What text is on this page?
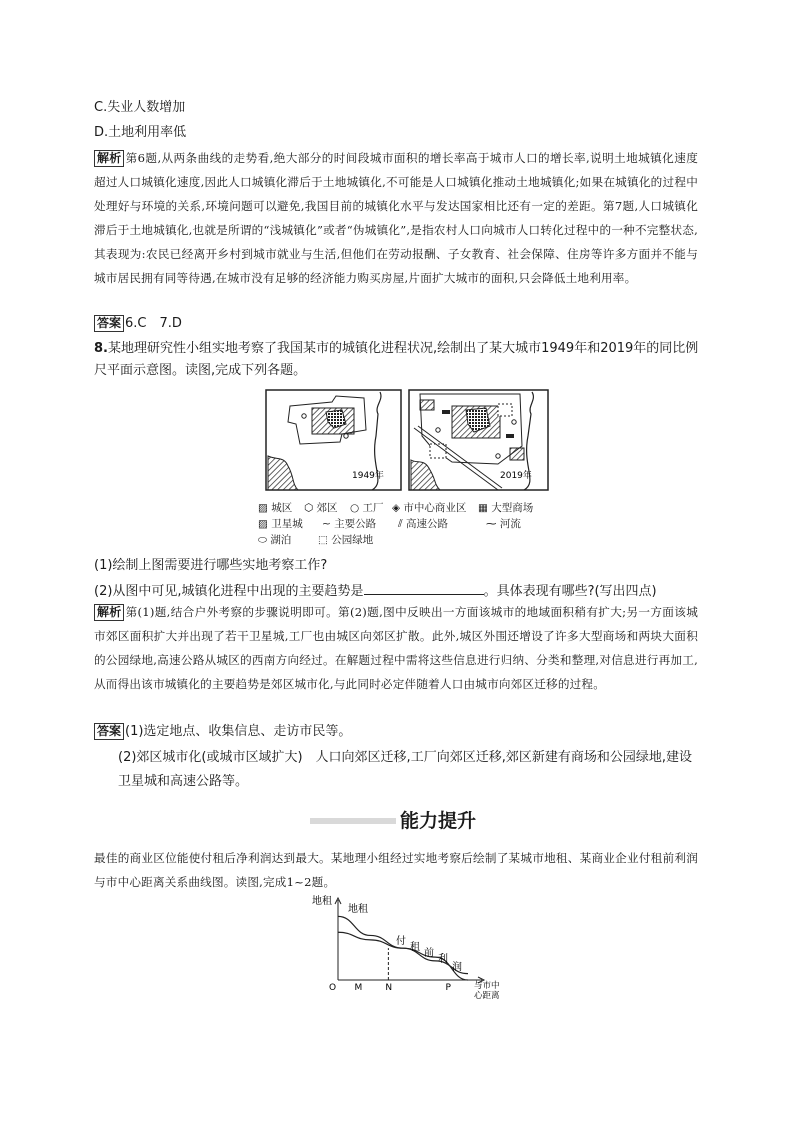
C.失业人数增加
D.土地利用率低
解析 第6题,从两条曲线的走势看,绝大部分的时间段城市面积的增长率高于城市人口的增长率,说明土地城镇化速度超过人口城镇化速度,因此人口城镇化滞后于土地城镇化,不可能是人口城镇化推动土地城镇化;如果在城镇化的过程中处理好与环境的关系,环境问题可以避免,我国目前的城镇化水平与发达国家相比还有一定的差距。第7题,人口城镇化滞后于土地城镇化,也就是所谓的“浅城镇化”或者“伪城镇化”,是指农村人口向城市人口转化过程中的一种不完整状态,其表现为:农民已经离开乡村到城市就业与生活,但他们在劳动报酬、子女教育、社会保障、住房等许多方面并不能与城市居民拥有同等待遇,在城市没有足够的经济能力购买房屋,片面扩大城市的面积,只会降低土地利用率。
答案 6.C　7.D
8.某地理研究性小组实地考察了我国某市的城镇化进程状况,绘制出了某大城市1949年和2019年的同比例尺平面示意图。读图,完成下列各题。
1949年	2019年
▨ 城区 ⬡ 郊区 ○ 工厂 ◈ 市中心商业区 ▦ 大型商场
▨ 卫星城 ∼ 主要公路 ⫽ 高速公路	⁓ 河流
⬭ 湖泊	⬚ 公园绿地
(1)绘制上图需要进行哪些实地考察工作?
(2)从图中可见,城镇化进程中出现的主要趋势是	。具体表现有哪些?(写出四点)
解析 第(1)题,结合户外考察的步骤说明即可。第(2)题,图中反映出一方面该城市的地域面积稍有扩大;另一方面该城市郊区面积扩大并出现了若干卫星城,工厂也由城区向郊区扩散。此外,城区外围还增设了许多大型商场和两块大面积的公园绿地,高速公路从城区的西南方向经过。在解题过程中需将这些信息进行归纳、分类和整理,对信息进行再加工,从而得出该市城镇化的主要趋势是郊区城市化,与此同时必定伴随着人口由城市向郊区迁移的过程。
答案 (1)选定地点、收集信息、走访市民等。
(2)郊区城市化(或城市区域扩大)　人口向郊区迁移,工厂向郊区迁移,郊区新建有商场和公园绿地,建设卫星城和高速公路等。
能力提升
最佳的商业区位能使付租后净利润达到最大。某地理小组经过实地考察后绘制了某城市地租、某商业企业付租前利润与市中心距离关系曲线图。读图,完成1~2题。
地租
与市中
心距离
O M	N	P
地租
付
租
前
利
润
